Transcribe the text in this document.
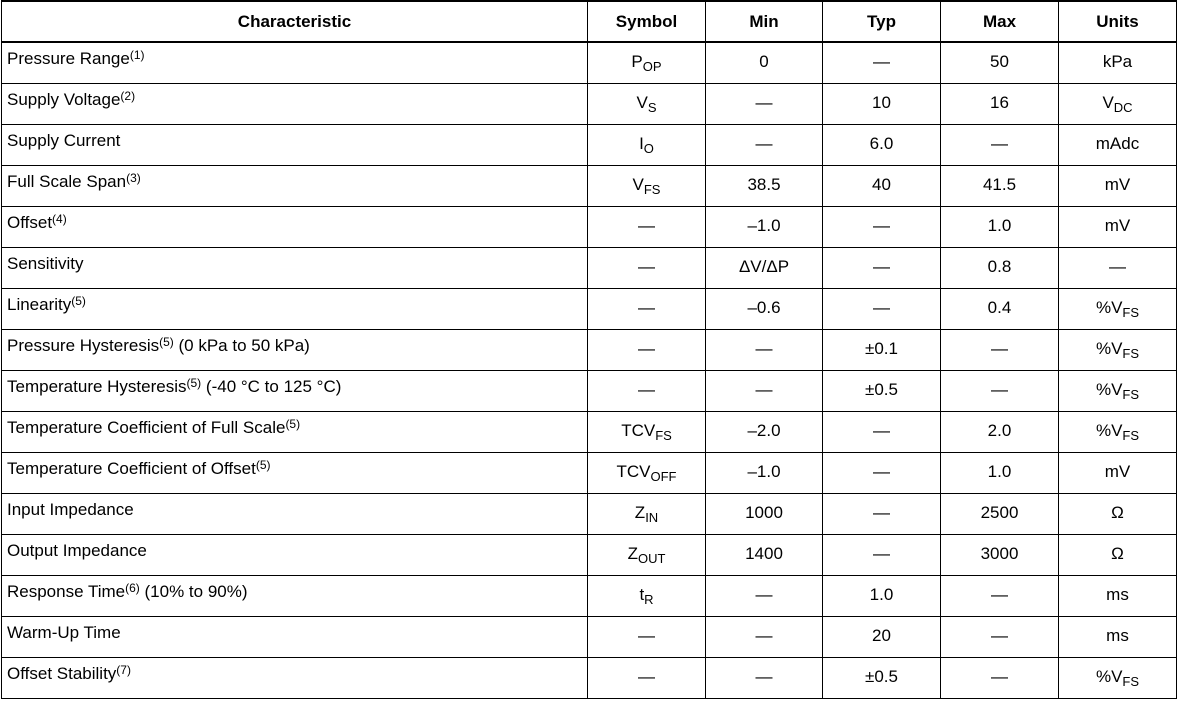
Characteristic	Symbol	Min	Typ	Max	Units
Pressure Range$^{(1)}$	$P_{OP}$	0	—	50	kPa
Supply Voltage$^{(2)}$	$V_S$	—	10	16	$V_{DC}$
Supply Current	$I_O$	—	6.0	—	mAdc
Full Scale Span$^{(3)}$	$V_{FS}$	38.5	40	41.5	mV
Offset$^{(4)}$	—	–1.0	—	1.0	mV
Sensitivity	—	ΔV/ΔP	—	0.8	—
Linearity$^{(5)}$	—	–0.6	—	0.4	$\%V_{FS}$
Pressure Hysteresis$^{(5)}$ (0 kPa to 50 kPa)	—	—	±0.1	—	$\%V_{FS}$
Temperature Hysteresis$^{(5)}$ (-40 °C to 125 °C)	—	—	±0.5	—	$\%V_{FS}$
Temperature Coefficient of Full Scale$^{(5)}$	$TCV_{FS}$	–2.0	—	2.0	$\%V_{FS}$
Temperature Coefficient of Offset$^{(5)}$	$TCV_{OFF}$	–1.0	—	1.0	mV
Input Impedance	$Z_{IN}$	1000	—	2500	Ω
Output Impedance	$Z_{OUT}$	1400	—	3000	Ω
Response Time$^{(6)}$ (10% to 90%)	$t_R$	—	1.0	—	ms
Warm-Up Time	—	—	20	—	ms
Offset Stability$^{(7)}$	—	—	±0.5	—	$\%V_{FS}$
